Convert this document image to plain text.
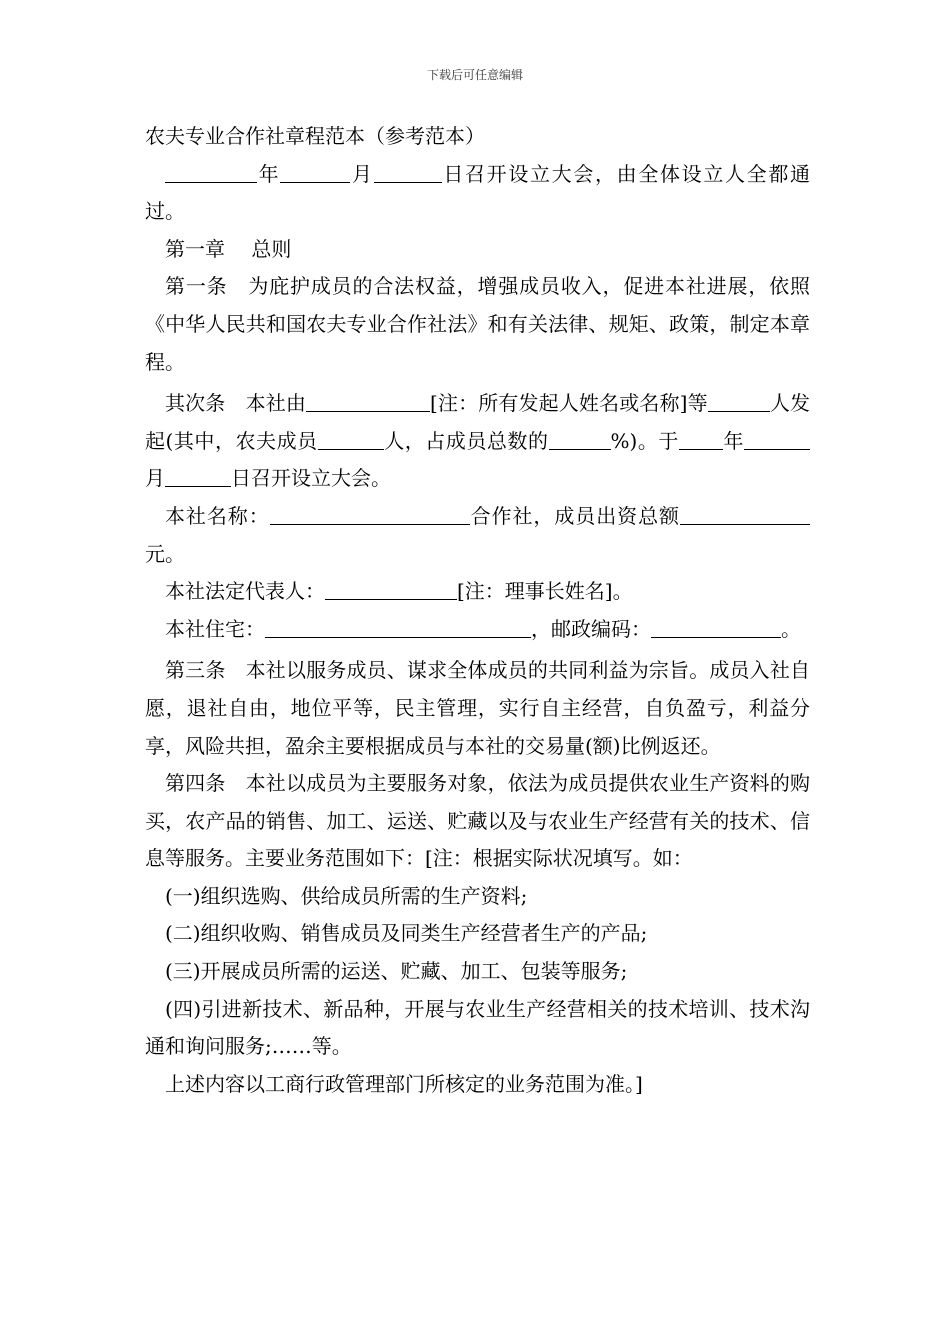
下载后可任意编辑

农夫专业合作社章程范本（参考范本）

年	月	日召开设立大会，由全体设立人全都通过。

第一章　 总则

第一条　为庇护成员的合法权益，增强成员收入，促进本社进展，依照《中华人民共和国农夫专业合作社法》和有关法律、规矩、政策，制定本章程。

其次条　本社由	[注：所有发起人姓名或名称]等	人发起(其中，农夫成员	人，占成员总数的	%)。于 年月	日召开设立大会。

本社名称：	合作社，成员出资总额元。

本社法定代表人：	[注：理事长姓名]。

本社住宅：	，邮政编码：	。

第三条　本社以服务成员、谋求全体成员的共同利益为宗旨。成员入社自愿，退社自由，地位平等，民主管理，实行自主经营，自负盈亏，利益分享，风险共担，盈余主要根据成员与本社的交易量(额)比例返还。

第四条　本社以成员为主要服务对象，依法为成员提供农业生产资料的购买，农产品的销售、加工、运送、贮藏以及与农业生产经营有关的技术、信息等服务。主要业务范围如下：[注：根据实际状况填写。如：

(一)组织选购、供给成员所需的生产资料;

(二)组织收购、销售成员及同类生产经营者生产的产品;

(三)开展成员所需的运送、贮藏、加工、包装等服务;

(四)引进新技术、新品种，开展与农业生产经营相关的技术培训、技术沟通和询问服务;……等。

上述内容以工商行政管理部门所核定的业务范围为准。]
